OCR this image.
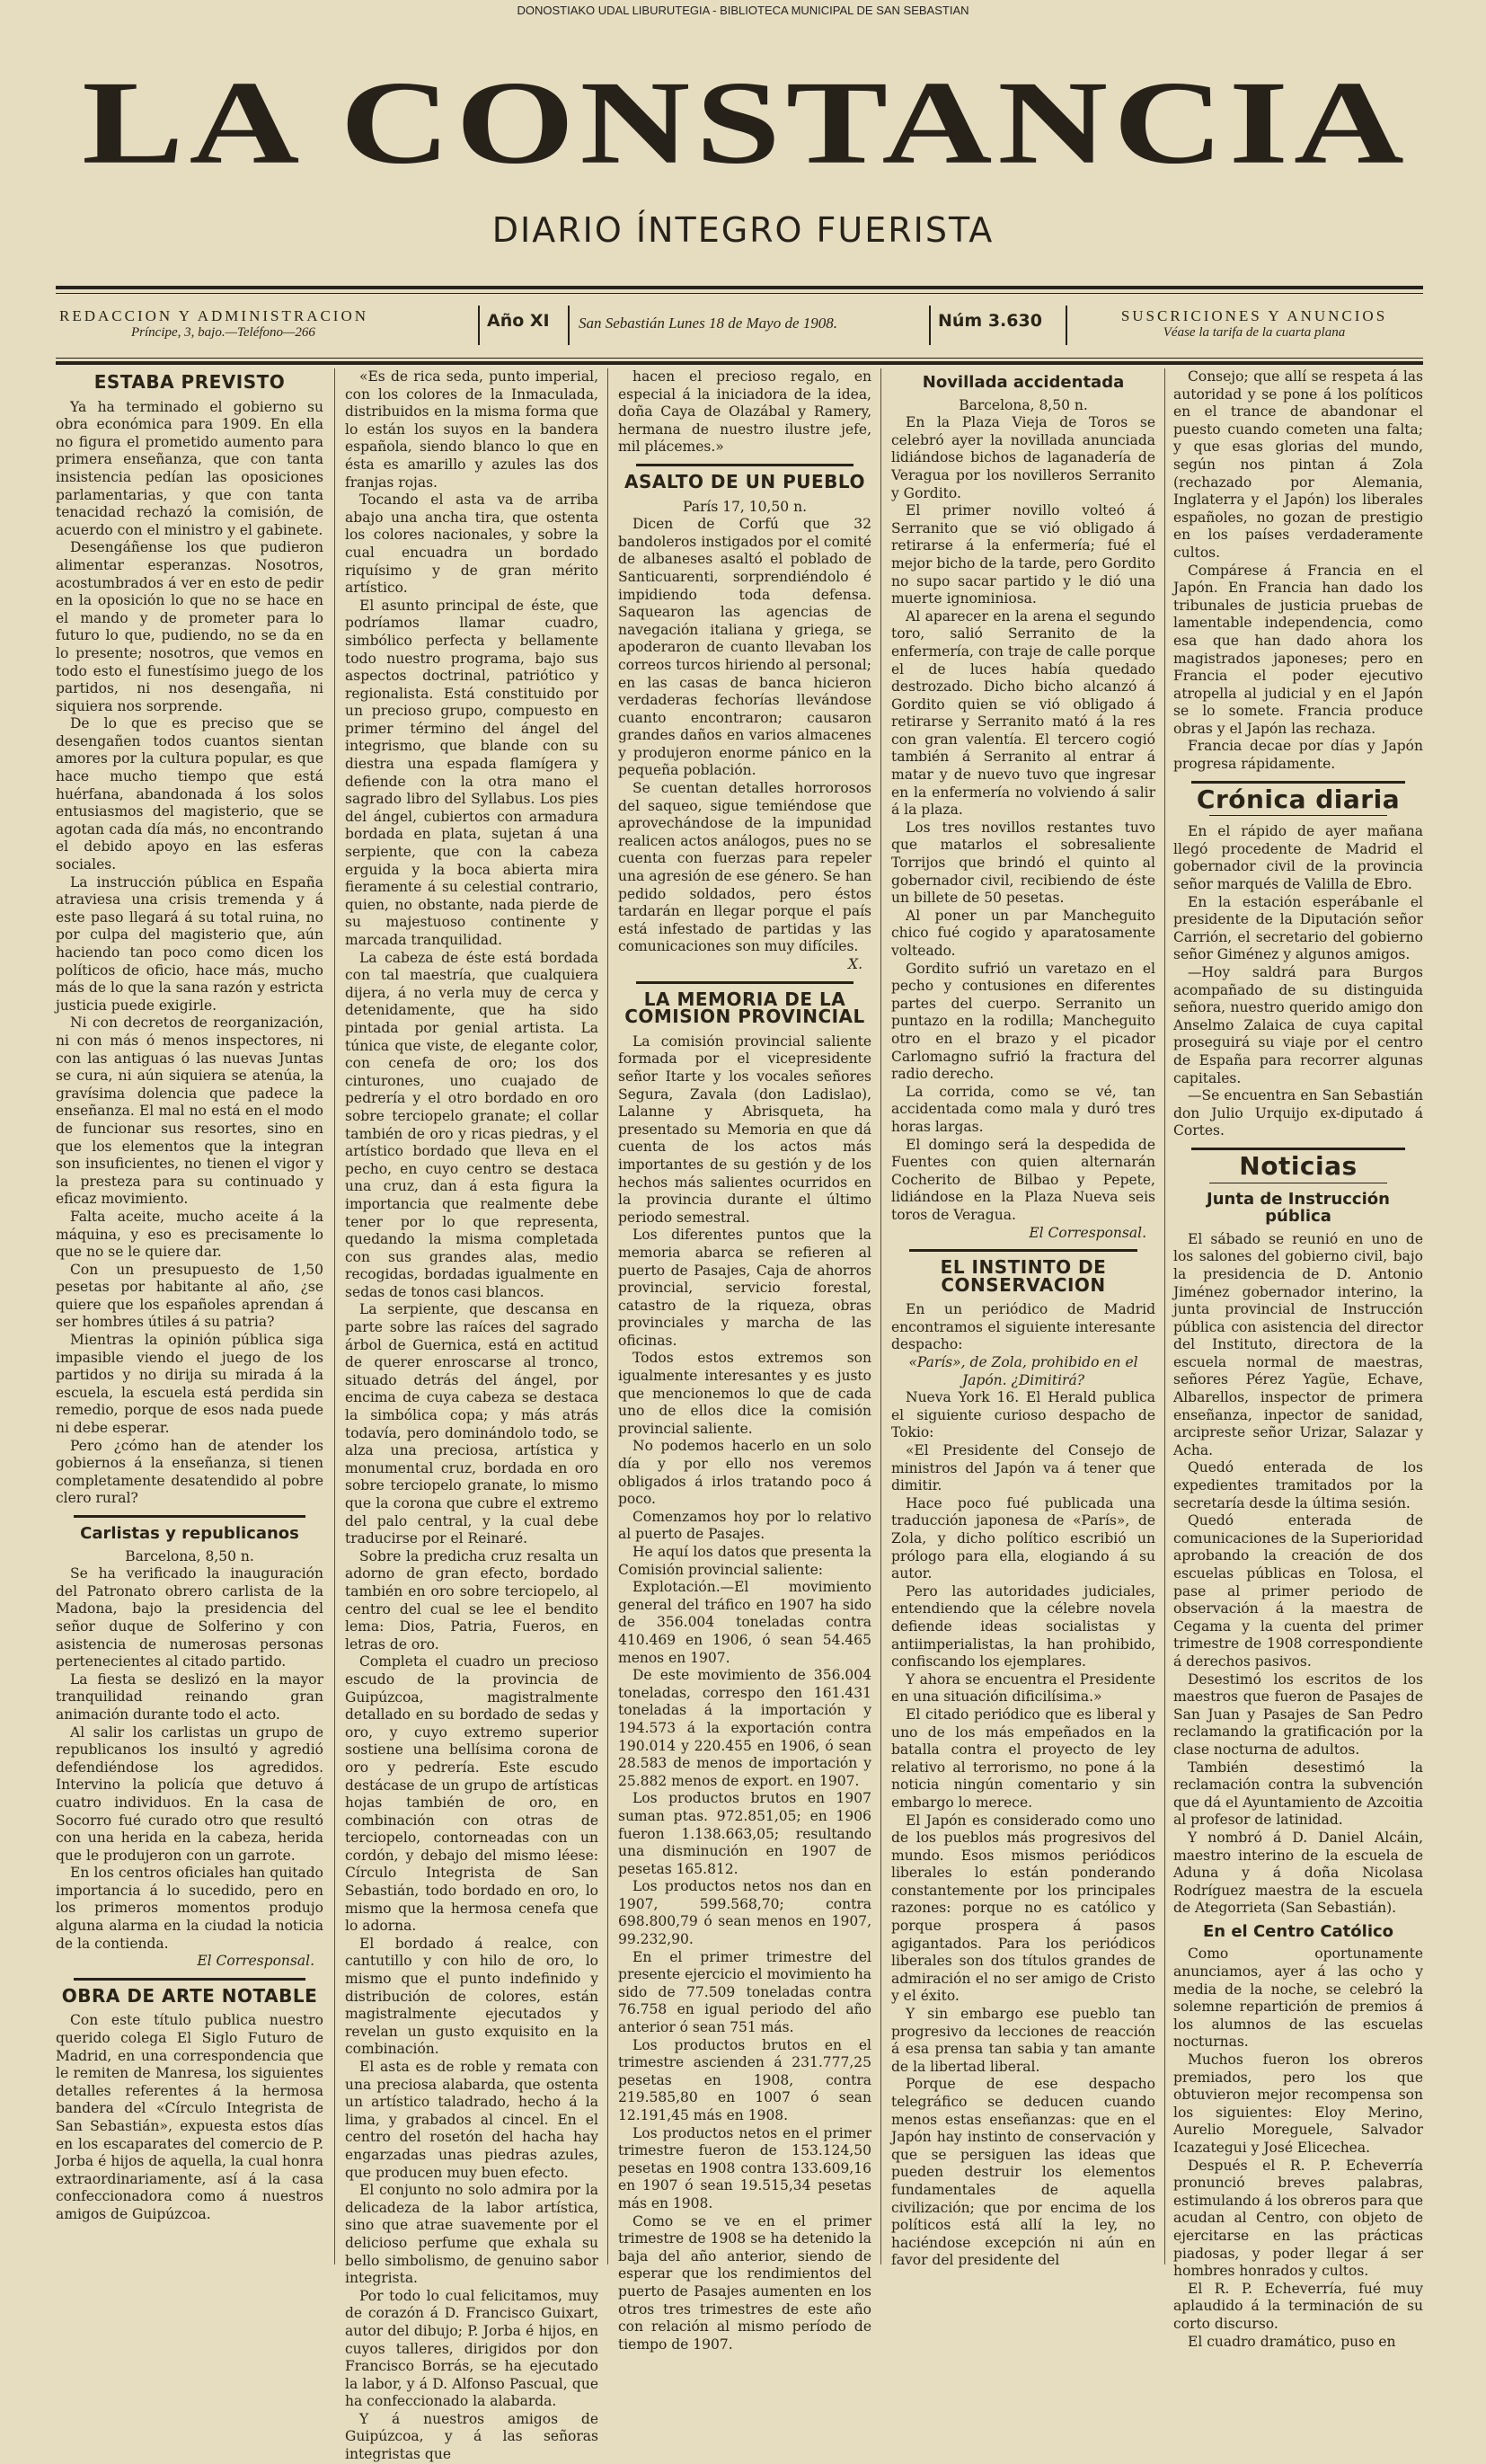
DONOSTIAKO UDAL LIBURUTEGIA - BIBLIOTECA MUNICIPAL DE SAN SEBASTIAN
LA CONSTANCIA
DIARIO ÍNTEGRO FUERISTA
REDACCION Y ADMINISTRACION
Príncipe, 3, bajo.—Teléfono—266
Año XI San Sebastián Lunes 18 de Mayo de 1908.	Núm 3.630	SUSCRICIONES Y ANUNCIOS
Véase la tarifa de la cuarta plana
ESTABA PREVISTO

Ya ha terminado el gobierno su obra económica para 1909. En ella no figura el prometido aumento para primera enseñanza, que con tanta insistencia pedían las oposiciones parlamentarias, y que con tanta tenacidad rechazó la comisión, de acuerdo con el ministro y el gabinete.

Desengáñense los que pudieron alimentar esperanzas. Nosotros, acostumbrados á ver en esto de pedir en la oposición lo que no se hace en el mando y de prometer para lo futuro lo que, pudiendo, no se da en lo presente; nosotros, que vemos en todo esto el funestísimo juego de los partidos, ni nos desengaña, ni siquiera nos sorprende.

De lo que es preciso que se desengañen todos cuantos sientan amores por la cultura popular, es que hace mucho tiempo que está huérfana, abandonada á los solos entusiasmos del magisterio, que se agotan cada día más, no encontrando el debido apoyo en las esferas sociales.

La instrucción pública en España atraviesa una crisis tremenda y á este paso llegará á su total ruina, no por culpa del magisterio que, aún haciendo tan poco como dicen los políticos de oficio, hace más, mucho más de lo que la sana razón y estricta justicia puede exigirle.

Ni con decretos de reorganización, ni con más ó menos inspectores, ni con las antiguas ó las nuevas Juntas se cura, ni aún siquiera se atenúa, la gravísima dolencia que padece la enseñanza. El mal no está en el modo de funcionar sus resortes, sino en que los elementos que la integran son insuficientes, no tienen el vigor y la presteza para su continuado y eficaz movimiento.

Falta aceite, mucho aceite á la máquina, y eso es precisamente lo que no se le quiere dar.

Con un presupuesto de 1,50 pesetas por habitante al año, ¿se quiere que los españoles aprendan á ser hombres útiles á su patria?

Mientras la opinión pública siga impasible viendo el juego de los partidos y no dirija su mirada á la escuela, la escuela está perdida sin remedio, porque de esos nada puede ni debe esperar.

Pero ¿cómo han de atender los gobiernos á la enseñanza, si tienen completamente desatendido al pobre clero rural?

Carlistas y republicanos

Barcelona, 8,50 n.

Se ha verificado la inauguración del Patronato obrero carlista de la Madona, bajo la presidencia del señor duque de Solferino y con asistencia de numerosas personas pertenecientes al citado partido.

La fiesta se deslizó en la mayor tranquilidad reinando gran animación durante todo el acto.

Al salir los carlistas un grupo de republicanos los insultó y agredió defendiéndose los agredidos. Intervino la policía que detuvo á cuatro individuos. En la casa de Socorro fué curado otro que resultó con una herida en la cabeza, herida que le produjeron con un garrote.

En los centros oficiales han quitado importancia á lo sucedido, pero en los primeros momentos produjo alguna alarma en la ciudad la noticia de la contienda.

El Corresponsal.

OBRA DE ARTE NOTABLE

Con este título publica nuestro querido colega El Siglo Futuro de Madrid, en una correspondencia que le remiten de Manresa, los siguientes detalles referentes á la hermosa bandera del «Círculo Integrista de San Sebastián», expuesta estos días en los escaparates del comercio de P. Jorba é hijos de aquella, la cual honra extraordinariamente, así á la casa confeccionadora como á nuestros amigos de Guipúzcoa.

«Es de rica seda, punto imperial, con los colores de la Inmaculada, distribuidos en la misma forma que lo están los suyos en la bandera española, siendo blanco lo que en ésta es amarillo y azules las dos franjas rojas.

Tocando el asta va de arriba abajo una ancha tira, que ostenta los colores nacionales, y sobre la cual encuadra un bordado riquísimo y de gran mérito artístico.

El asunto principal de éste, que podríamos llamar cuadro, simbólico perfecta y bellamente todo nuestro programa, bajo sus aspectos doctrinal, patriótico y regionalista. Está constituido por un precioso grupo, compuesto en primer término del ángel del integrismo, que blande con su diestra una espada flamígera y defiende con la otra mano el sagrado libro del Syllabus. Los pies del ángel, cubiertos con armadura bordada en plata, sujetan á una serpiente, que con la cabeza erguida y la boca abierta mira fieramente á su celestial contrario, quien, no obstante, nada pierde de su majestuoso continente y marcada tranquilidad.

La cabeza de éste está bordada con tal maestría, que cualquiera dijera, á no verla muy de cerca y detenidamente, que ha sido pintada por genial artista. La túnica que viste, de elegante color, con cenefa de oro; los dos cinturones, uno cuajado de pedrería y el otro bordado en oro sobre terciopelo granate; el collar también de oro y ricas piedras, y el artístico bordado que lleva en el pecho, en cuyo centro se destaca una cruz, dan á esta figura la importancia que realmente debe tener por lo que representa, quedando la misma completada con sus grandes alas, medio recogidas, bordadas igualmente en sedas de tonos casi blancos.

La serpiente, que descansa en parte sobre las raíces del sagrado árbol de Guernica, está en actitud de querer enroscarse al tronco, situado detrás del ángel, por encima de cuya cabeza se destaca la simbólica copa; y más atrás todavía, pero dominándolo todo, se alza una preciosa, artística y monumental cruz, bordada en oro sobre terciopelo granate, lo mismo que la corona que cubre el extremo del palo central, y la cual debe traducirse por el Reinaré.

Sobre la predicha cruz resalta un adorno de gran efecto, bordado también en oro sobre terciopelo, al centro del cual se lee el bendito lema: Dios, Patria, Fueros, en letras de oro.

Completa el cuadro un precioso escudo de la provincia de Guipúzcoa, magistralmente detallado en su bordado de sedas y oro, y cuyo extremo superior sostiene una bellísima corona de oro y pedrería. Este escudo destácase de un grupo de artísticas hojas también de oro, en combinación con otras de terciopelo, contorneadas con un cordón, y debajo del mismo léese: Círculo Integrista de San Sebastián, todo bordado en oro, lo mismo que la hermosa cenefa que lo adorna.

El bordado á realce, con cantutillo y con hilo de oro, lo mismo que el punto indefinido y distribución de colores, están magistralmente ejecutados y revelan un gusto exquisito en la combinación.

El asta es de roble y remata con una preciosa alabarda, que ostenta un artístico taladrado, hecho á la lima, y grabados al cincel. En el centro del rosetón del hacha hay engarzadas unas piedras azules, que producen muy buen efecto.

El conjunto no solo admira por la delicadeza de la labor artística, sino que atrae suavemente por el delicioso perfume que exhala su bello simbolismo, de genuino sabor integrista.

Por todo lo cual felicitamos, muy de corazón á D. Francisco Guixart, autor del dibujo; P. Jorba é hijos, en cuyos talleres, dirigidos por don Francisco Borrás, se ha ejecutado la labor, y á D. Alfonso Pascual, que ha confeccionado la alabarda.

Y á nuestros amigos de Guipúzcoa, y á las señoras integristas que

hacen el precioso regalo, en especial á la iniciadora de la idea, doña Caya de Olazábal y Ramery, hermana de nuestro ilustre jefe, mil plácemes.»

ASALTO DE UN PUEBLO

París 17, 10,50 n.

Dicen de Corfú que 32 bandoleros instigados por el comité de albaneses asaltó el poblado de Santicuarenti, sorprendiéndolo é impidiendo toda defensa. Saquearon las agencias de navegación italiana y griega, se apoderaron de cuanto llevaban los correos turcos hiriendo al personal; en las casas de banca hicieron verdaderas fechorías llevándose cuanto encontraron; causaron grandes daños en varios almacenes y produjeron enorme pánico en la pequeña población.

Se cuentan detalles horrorosos del saqueo, sigue temiéndose que aprovechándose de la impunidad realicen actos análogos, pues no se cuenta con fuerzas para repeler una agresión de ese género. Se han pedido soldados, pero éstos tardarán en llegar porque el país está infestado de partidas y las comunicaciones son muy difíciles.

X.

LA MEMORIA DE LA COMISION PROVINCIAL

La comisión provincial saliente formada por el vicepresidente señor Itarte y los vocales señores Segura, Zavala (don Ladislao), Lalanne y Abrisqueta, ha presentado su Memoria en que dá cuenta de los actos más importantes de su gestión y de los hechos más salientes ocurridos en la provincia durante el último periodo semestral.

Los diferentes puntos que la memoria abarca se refieren al puerto de Pasajes, Caja de ahorros provincial, servicio forestal, catastro de la riqueza, obras provinciales y marcha de las oficinas.

Todos estos extremos son igualmente interesantes y es justo que mencionemos lo que de cada uno de ellos dice la comisión provincial saliente.

No podemos hacerlo en un solo día y por ello nos veremos obligados á irlos tratando poco á poco.

Comenzamos hoy por lo relativo al puerto de Pasajes.

He aquí los datos que presenta la Comisión provincial saliente:

Explotación.—El movimiento general del tráfico en 1907 ha sido de 356.004 toneladas contra 410.469 en 1906, ó sean 54.465 menos en 1907.

De este movimiento de 356.004 toneladas, correspo den 161.431 toneladas á la importación y 194.573 á la exportación contra 190.014 y 220.455 en 1906, ó sean 28.583 de menos de importación y 25.882 menos de export. en 1907.

Los productos brutos en 1907 suman ptas. 972.851,05; en 1906 fueron 1.138.663,05; resultando una disminución en 1907 de pesetas 165.812.

Los productos netos nos dan en 1907, 599.568,70; contra 698.800,79 ó sean menos en 1907, 99.232,90.

En el primer trimestre del presente ejercicio el movimiento ha sido de 77.509 toneladas contra 76.758 en igual periodo del año anterior ó sean 751 más.

Los productos brutos en el trimestre ascienden á 231.777,25 pesetas en 1908, contra 219.585,80 en 1007 ó sean 12.191,45 más en 1908.

Los productos netos en el primer trimestre fueron de 153.124,50 pesetas en 1908 contra 133.609,16 en 1907 ó sean 19.515,34 pesetas más en 1908.

Como se ve en el primer trimestre de 1908 se ha detenido la baja del año anterior, siendo de esperar que los rendimientos del puerto de Pasajes aumenten en los otros tres trimestres de este año con relación al mismo período de tiempo de 1907.

Novillada accidentada

Barcelona, 8,50 n.

En la Plaza Vieja de Toros se celebró ayer la novillada anunciada lidiándose bichos de laganadería de Veragua por los novilleros Serranito y Gordito.

El primer novillo volteó á Serranito que se vió obligado á retirarse á la enfermería; fué el mejor bicho de la tarde, pero Gordito no supo sacar partido y le dió una muerte ignominiosa.

Al aparecer en la arena el segundo toro, salió Serranito de la enfermería, con traje de calle porque el de luces había quedado destrozado. Dicho bicho alcanzó á Gordito quien se vió obligado á retirarse y Serranito mató á la res con gran valentía. El tercero cogió también á Serranito al entrar á matar y de nuevo tuvo que ingresar en la enfermería no volviendo á salir á la plaza.

Los tres novillos restantes tuvo que matarlos el sobresaliente Torrijos que brindó el quinto al gobernador civil, recibiendo de éste un billete de 50 pesetas.

Al poner un par Mancheguito chico fué cogido y aparatosamente volteado.

Gordito sufrió un varetazo en el pecho y contusiones en diferentes partes del cuerpo. Serranito un puntazo en la rodilla; Mancheguito otro en el brazo y el picador Carlomagno sufrió la fractura del radio derecho.

La corrida, como se vé, tan accidentada como mala y duró tres horas largas.

El domingo será la despedida de Fuentes con quien alternarán Cocherito de Bilbao y Pepete, lidiándose en la Plaza Nueva seis toros de Veragua.

El Corresponsal.

EL INSTINTO DE CONSERVACION

En un periódico de Madrid encontramos el siguiente interesante despacho:

«París», de Zola, prohibido en el Japón. ¿Dimitirá?

Nueva York 16. El Herald publica el siguiente curioso despacho de Tokio:

«El Presidente del Consejo de ministros del Japón va á tener que dimitir.

Hace poco fué publicada una traducción japonesa de «París», de Zola, y dicho político escribió un prólogo para ella, elogiando á su autor.

Pero las autoridades judiciales, entendiendo que la célebre novela defiende ideas socialistas y antiimperialistas, la han prohibido, confiscando los ejemplares.

Y ahora se encuentra el Presidente en una situación dificilísima.»

El citado periódico que es liberal y uno de los más empeñados en la batalla contra el proyecto de ley relativo al terrorismo, no pone á la noticia ningún comentario y sin embargo lo merece.

El Japón es considerado como uno de los pueblos más progresivos del mundo. Esos mismos periódicos liberales lo están ponderando constantemente por los principales razones: porque no es católico y porque prospera á pasos agigantados. Para los periódicos liberales son dos títulos grandes de admiración el no ser amigo de Cristo y el éxito.

Y sin embargo ese pueblo tan progresivo da lecciones de reacción á esa prensa tan sabia y tan amante de la libertad liberal.

Porque de ese despacho telegráfico se deducen cuando menos estas enseñanzas: que en el Japón hay instinto de conservación y que se persiguen las ideas que pueden destruir los elementos fundamentales de aquella civilización; que por encima de los políticos está allí la ley, no haciéndose excepción ni aún en favor del presidente del

Consejo; que allí se respeta á las autoridad y se pone á los políticos en el trance de abandonar el puesto cuando cometen una falta; y que esas glorias del mundo, según nos pintan á Zola (rechazado por Alemania, Inglaterra y el Japón) los liberales españoles, no gozan de prestigio en los países verdaderamente cultos.

Compárese á Francia en el Japón. En Francia han dado los tribunales de justicia pruebas de lamentable independencia, como esa que han dado ahora los magistrados japoneses; pero en Francia el poder ejecutivo atropella al judicial y en el Japón se lo somete. Francia produce obras y el Japón las rechaza.

Francia decae por días y Japón progresa rápidamente.

Crónica diaria

En el rápido de ayer mañana llegó procedente de Madrid el gobernador civil de la provincia señor marqués de Valilla de Ebro.

En la estación esperábanle el presidente de la Diputación señor Carrión, el secretario del gobierno señor Giménez y algunos amigos.

—Hoy saldrá para Burgos acompañado de su distinguida señora, nuestro querido amigo don Anselmo Zalaica de cuya capital proseguirá su viaje por el centro de España para recorrer algunas capitales.

—Se encuentra en San Sebastián don Julio Urquijo ex-diputado á Cortes.

Noticias
Junta de Instrucción pública

El sábado se reunió en uno de los salones del gobierno civil, bajo la presidencia de D. Antonio Jiménez gobernador interino, la junta provincial de Instrucción pública con asistencia del director del Instituto, directora de la escuela normal de maestras, señores Pérez Yagüe, Echave, Albarellos, inspector de primera enseñanza, inpector de sanidad, arcipreste señor Urizar, Salazar y Acha.

Quedó enterada de los expedientes tramitados por la secretaría desde la última sesión.

Quedó enterada de comunicaciones de la Superioridad aprobando la creación de dos escuelas públicas en Tolosa, el pase al primer periodo de observación á la maestra de Cegama y la cuenta del primer trimestre de 1908 correspondiente á derechos pasivos.

Desestimó los escritos de los maestros que fueron de Pasajes de San Juan y Pasajes de San Pedro reclamando la gratificación por la clase nocturna de adultos.

También desestimó la reclamación contra la subvención que dá el Ayuntamiento de Azcoitia al profesor de latinidad.

Y nombró á D. Daniel Alcáin, maestro interino de la escuela de Aduna y á doña Nicolasa Rodríguez maestra de la escuela de Ategorrieta (San Sebastián).

En el Centro Católico

Como oportunamente anunciamos, ayer á las ocho y media de la noche, se celebró la solemne repartición de premios á los alumnos de las escuelas nocturnas.

Muchos fueron los obreros premiados, pero los que obtuvieron mejor recompensa son los siguientes: Eloy Merino, Aurelio Moreguele, Salvador Icazategui y José Elicechea.

Después el R. P. Echeverría pronunció breves palabras, estimulando á los obreros para que acudan al Centro, con objeto de ejercitarse en las prácticas piadosas, y poder llegar á ser hombres honrados y cultos.

El R. P. Echeverría, fué muy aplaudido á la terminación de su corto discurso.

El cuadro dramático, puso en
